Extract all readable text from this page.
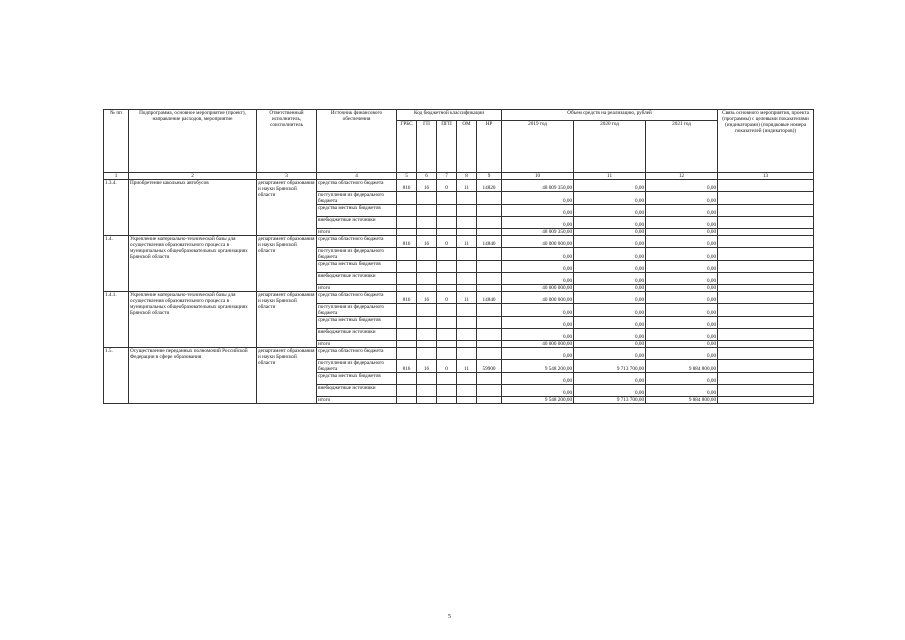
№ пп	Подпрограмма, основное мероприятие (проект), направление расходов, мероприятие	Ответственный исполнитель, соисполнитель	Источник финансового обеспечения	Код бюджетной классификации					Объем средств на реализацию, рублей			Связь основного мероприятия, проекта (программы) с целевыми показателями (индикаторами) (порядковые номера показателей (индикаторов))
				ГРБС	ГП	ПГП	ОМ	НР	2019 год	2020 год	2021 год	
1	2	3	4	5	6	7	8	9	10	11	12	13
1.3.4.	Приобретение школьных автобусов	департамент образования и науки Брянской области	средства областного бюджета	816	16	0	11	14820	48 009 350,00	0,00	0,00	
			поступления из федерального бюджета						0,00	0,00	0,00	
			средства местных бюджетов						0,00	0,00	0,00	
			внебюджетные источники						0,00	0,00	0,00	
			итого						48 009 350,00	0,00	0,00	
1.4.	Укрепление материально-технической базы для осуществления образовательного процесса в муниципальных общеобразовательных организациях Брянской области	департамент образования и науки Брянской области	средства областного бюджета	816	16	0	11	14840	40 000 000,00	0,00	0,00	
			поступления из федерального бюджета						0,00	0,00	0,00	
			средства местных бюджетов						0,00	0,00	0,00	
			внебюджетные источники						0,00	0,00	0,00	
			итого						40 000 000,00	0,00	0,00	
1.4.1.	Укрепление материально-технической базы для осуществления образовательного процесса в муниципальных общеобразовательных организациях Брянской области	департамент образования и науки Брянской области	средства областного бюджета	816	16	0	11	14840	40 000 000,00	0,00	0,00	
			поступления из федерального бюджета						0,00	0,00	0,00	
			средства местных бюджетов						0,00	0,00	0,00	
			внебюджетные источники						0,00	0,00	0,00	
			итого						40 000 000,00	0,00	0,00	
1.5.	Осуществление переданных полномочий Российской Федерации в сфере образования	департамент образования и науки Брянской области	средства областного бюджета						0,00	0,00	0,00	
			поступления из федерального бюджета	816	16	0	11	59900	9 548 200,00	9 713 700,00	9 884 800,00	
			средства местных бюджетов						0,00	0,00	0,00	
			внебюджетные источники						0,00	0,00	0,00	
			итого						9 548 200,00	9 713 700,00	9 884 800,00	
5
